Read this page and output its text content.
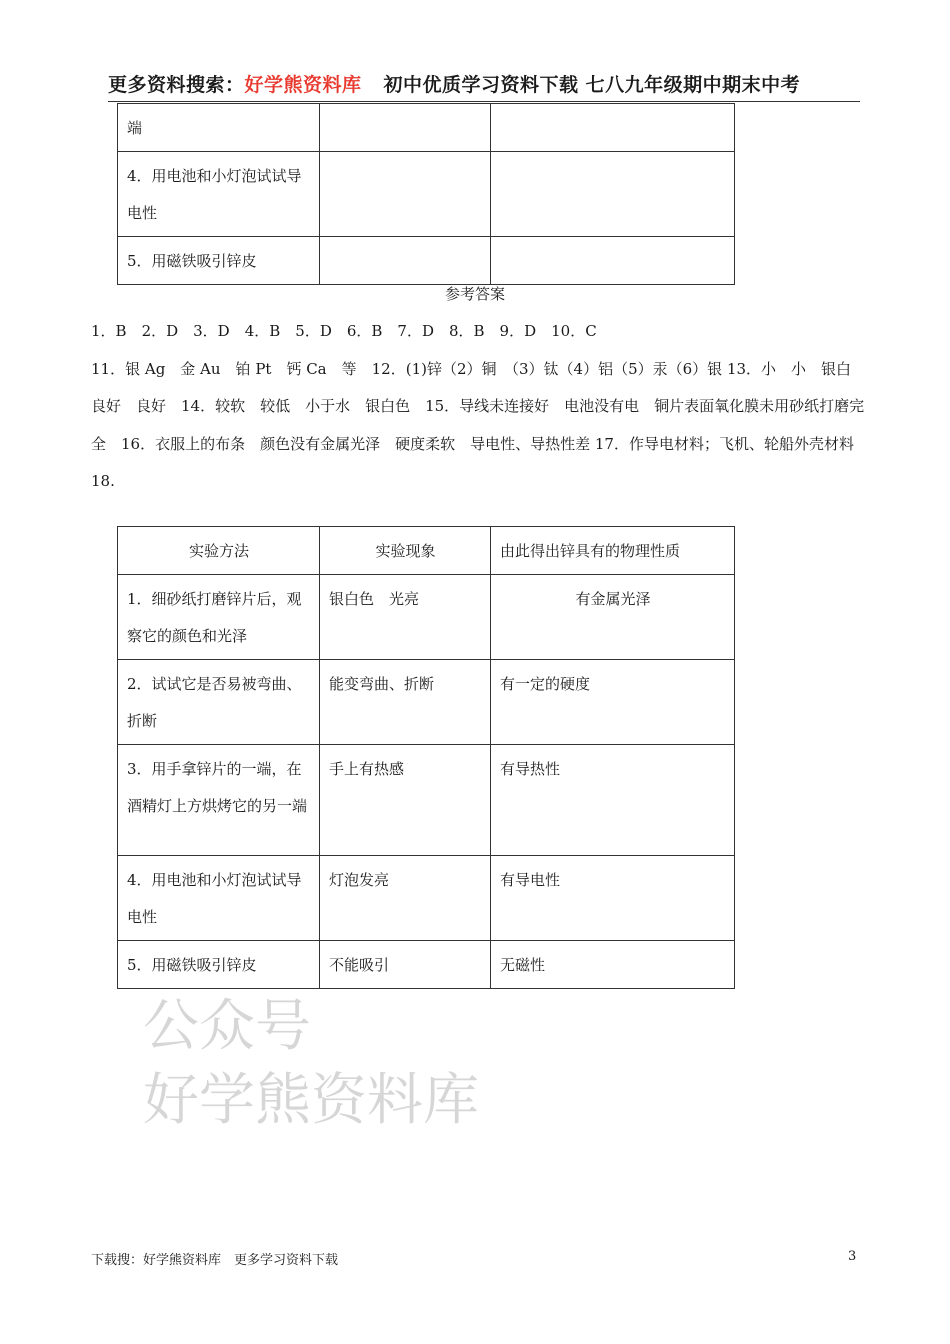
更多资料搜索：好学熊资料库 初中优质学习资料下载 七八九年级期中期末中考
端		
4．用电池和小灯泡试试导电性		
5．用磁铁吸引锌皮		
参考答案

1．B　2．D　3．D　4．B　5．D　6．B　7．D　8．B　9．D　10．C

11．银 Ag　金 Au　铂 Pt　钙 Ca　等　12．(1)锌（2）铜　（3）钛（4）铝（5）汞（6）银 13．小　小　银白　良好　良好　14．较软　较低　小于水　银白色　15．导线未连接好　电池没有电　铜片表面氧化膜未用砂纸打磨完全　16．衣服上的布条　颜色没有金属光泽　硬度柔软　导电性、导热性差 17．作导电材料；飞机、轮船外壳材料

18.

实验方法	实验现象	由此得出锌具有的物理性质
1．细砂纸打磨锌片后，观察它的颜色和光泽	银白色　光亮	有金属光泽
2．试试它是否易被弯曲、折断	能变弯曲、折断	有一定的硬度
3．用手拿锌片的一端，在酒精灯上方烘烤它的另一端	手上有热感	有导热性
4．用电池和小灯泡试试导电性	灯泡发亮	有导电性
5．用磁铁吸引锌皮	不能吸引	无磁性
公众号
好学熊资料库
下载搜：好学熊资料库　更多学习资料下载	3
